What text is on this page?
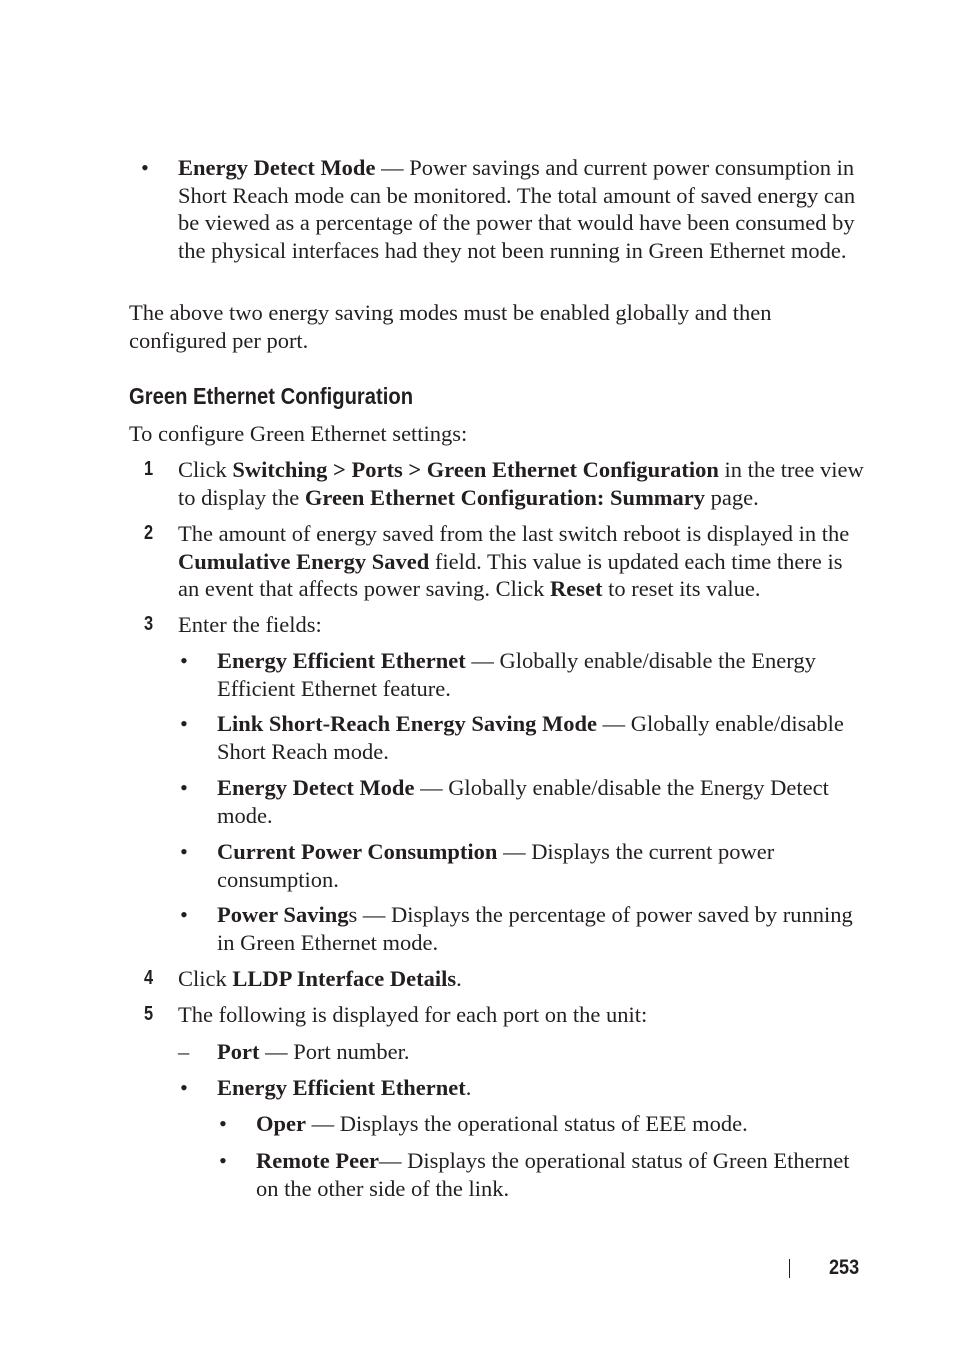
• Energy Detect Mode — Power savings and current power consumption in Short Reach mode can be monitored. The total amount of saved energy can be viewed as a percentage of the power that would have been consumed by the physical interfaces had they not been running in Green Ethernet mode.

The above two energy saving modes must be enabled globally and then configured per port.

Green Ethernet Configuration

To configure Green Ethernet settings:

1 Click Switching > Ports > Green Ethernet Configuration in the tree view to display the Green Ethernet Configuration: Summary page.

2 The amount of energy saved from the last switch reboot is displayed in the Cumulative Energy Saved field. This value is updated each time there is an event that affects power saving. Click Reset to reset its value.

3 Enter the fields:

• Energy Efficient Ethernet — Globally enable/disable the Energy Efficient Ethernet feature.

• Link Short-Reach Energy Saving Mode — Globally enable/disable Short Reach mode.

• Energy Detect Mode — Globally enable/disable the Energy Detect mode.

• Current Power Consumption — Displays the current power consumption.

• Power Savings — Displays the percentage of power saved by running in Green Ethernet mode.

4 Click LLDP Interface Details.

5 The following is displayed for each port on the unit:

– Port — Port number.

• Energy Efficient Ethernet.

• Oper — Displays the operational status of EEE mode.

• Remote Peer— Displays the operational status of Green Ethernet on the other side of the link.

253
